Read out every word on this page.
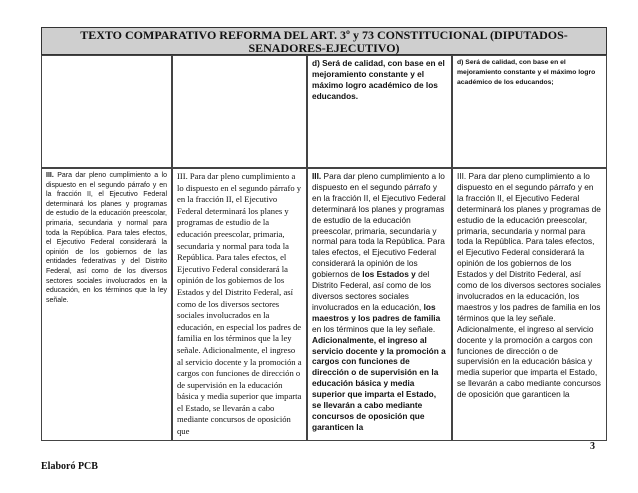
TEXTO COMPARATIVO REFORMA DEL ART. 3º y 73 CONSTITUCIONAL (DIPUTADOS-SENADORES-EJECUTIVO)
d) Será de calidad, con base en el mejoramiento constante y el máximo logro académico de los educandos.
d) Será de calidad, con base en el mejoramiento constante y el máximo logro académico de los educandos;
III. Para dar pleno cumplimiento a lo dispuesto en el segundo párrafo y en la fracción II, el Ejecutivo Federal determinará los planes y programas de estudio de la educación preescolar, primaria, secundaria y normal para toda la República. Para tales efectos, el Ejecutivo Federal considerará la opinión de los gobiernos de las entidades federativas y del Distrito Federal, así como de los diversos sectores sociales involucrados en la educación, en los términos que la ley señale.
III. Para dar pleno cumplimiento a lo dispuesto en el segundo párrafo y en la fracción II, el Ejecutivo Federal determinará los planes y programas de estudio de la educación preescolar, primaria, secundaria y normal para toda la República. Para tales efectos, el Ejecutivo Federal considerará la opinión de los gobiernos de los Estados y del Distrito Federal, así como de los diversos sectores sociales involucrados en la educación, en especial los padres de familia en los términos que la ley señale. Adicionalmente, el ingreso al servicio docente y la promoción a cargos con funciones de dirección o de supervisión en la educación básica y media superior que imparta el Estado, se llevarán a cabo mediante concursos de oposición que
III. Para dar pleno cumplimiento a lo dispuesto en el segundo párrafo y en la fracción II, el Ejecutivo Federal determinará los planes y programas de estudio de la educación preescolar, primaria, secundaria y normal para toda la República. Para tales efectos, el Ejecutivo Federal considerará la opinión de los gobiernos de los Estados y del Distrito Federal, así como de los diversos sectores sociales involucrados en la educación, los maestros y los padres de familia en los términos que la ley señale. Adicionalmente, el ingreso al servicio docente y la promoción a cargos con funciones de dirección o de supervisión en la educación básica y media superior que imparta el Estado, se llevarán a cabo mediante concursos de oposición que garanticen la
III. Para dar pleno cumplimiento a lo dispuesto en el segundo párrafo y en la fracción II, el Ejecutivo Federal determinará los planes y programas de estudio de la educación preescolar, primaria, secundaria y normal para toda la República. Para tales efectos, el Ejecutivo Federal considerará la opinión de los gobiernos de los Estados y del Distrito Federal, así como de los diversos sectores sociales involucrados en la educación, los maestros y los padres de familia en los términos que la ley señale. Adicionalmente, el ingreso al servicio docente y la promoción a cargos con funciones de dirección o de supervisión en la educación básica y media superior que imparta el Estado, se llevarán a cabo mediante concursos de oposición que garanticen la
3
Elaboró PCB
